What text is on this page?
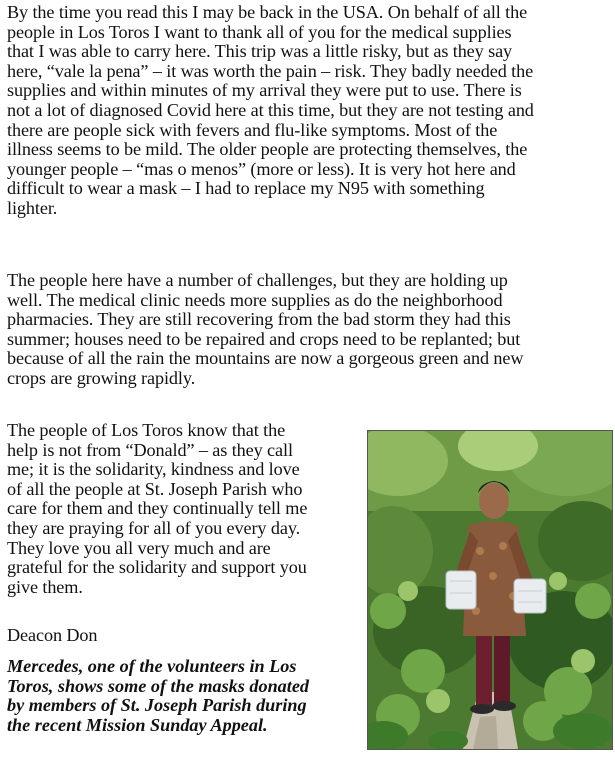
By the time you read this I may be back in the USA. On behalf of all the
people in Los Toros I want to thank all of you for the medical supplies
that I was able to carry here. This trip was a little risky, but as they say
here, “vale la pena” – it was worth the pain – risk. They badly needed the
supplies and within minutes of my arrival they were put to use. There is
not a lot of diagnosed Covid here at this time, but they are not testing and
there are people sick with fevers and flu-like symptoms. Most of the
illness seems to be mild. The older people are protecting themselves, the
younger people – “mas o menos” (more or less). It is very hot here and
difficult to wear a mask – I had to replace my N95 with something
lighter.

The people here have a number of challenges, but they are holding up
well. The medical clinic needs more supplies as do the neighborhood
pharmacies. They are still recovering from the bad storm they had this
summer; houses need to be repaired and crops need to be replanted; but
because of all the rain the mountains are now a gorgeous green and new
crops are growing rapidly.

The people of Los Toros know that the
help is not from “Donald” – as they call
me; it is the solidarity, kindness and love
of all the people at St. Joseph Parish who
care for them and they continually tell me
they are praying for all of you every day.
They love you all very much and are
grateful for the solidarity and support you
give them.

Deacon Don

Mercedes, one of the volunteers in Los
Toros, shows some of the masks donated
by members of St. Joseph Parish during
the recent Mission Sunday Appeal.
